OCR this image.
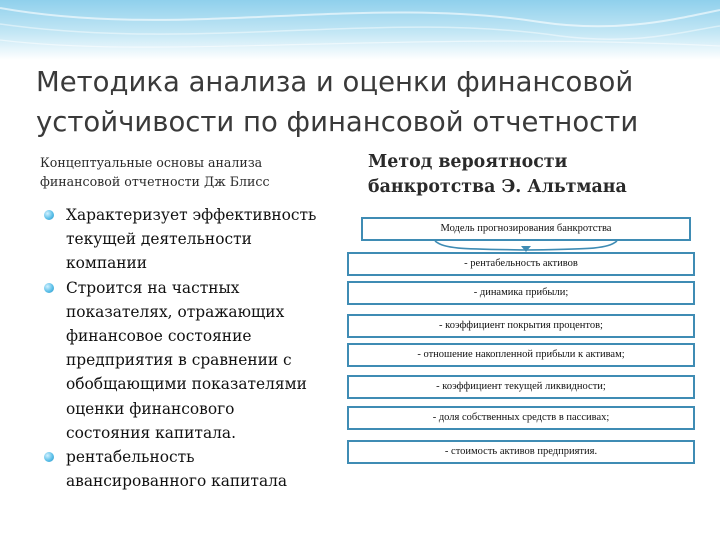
Методика анализа и оценки финансовой
устойчивости по финансовой отчетности
Концептуальные основы анализа
финансовой отчетности Дж Блисс
Характеризует эффективность
текущей деятельности
компании
Строится на частных
показателях, отражающих
финансовое состояние
предприятия в сравнении с
обобщающими показателями
оценки финансового
состояния капитала.
рентабельность
авансированного капитала
Метод вероятности
банкротства Э. Альтмана
Модель прогнозирования банкротства
- рентабельность активов
- динамика прибыли;
- коэффициент покрытия процентов;
- отношение накопленной прибыли к активам;
- коэффициент текущей ликвидности;
- доля собственных средств в пассивах;
- стоимость активов предприятия.
